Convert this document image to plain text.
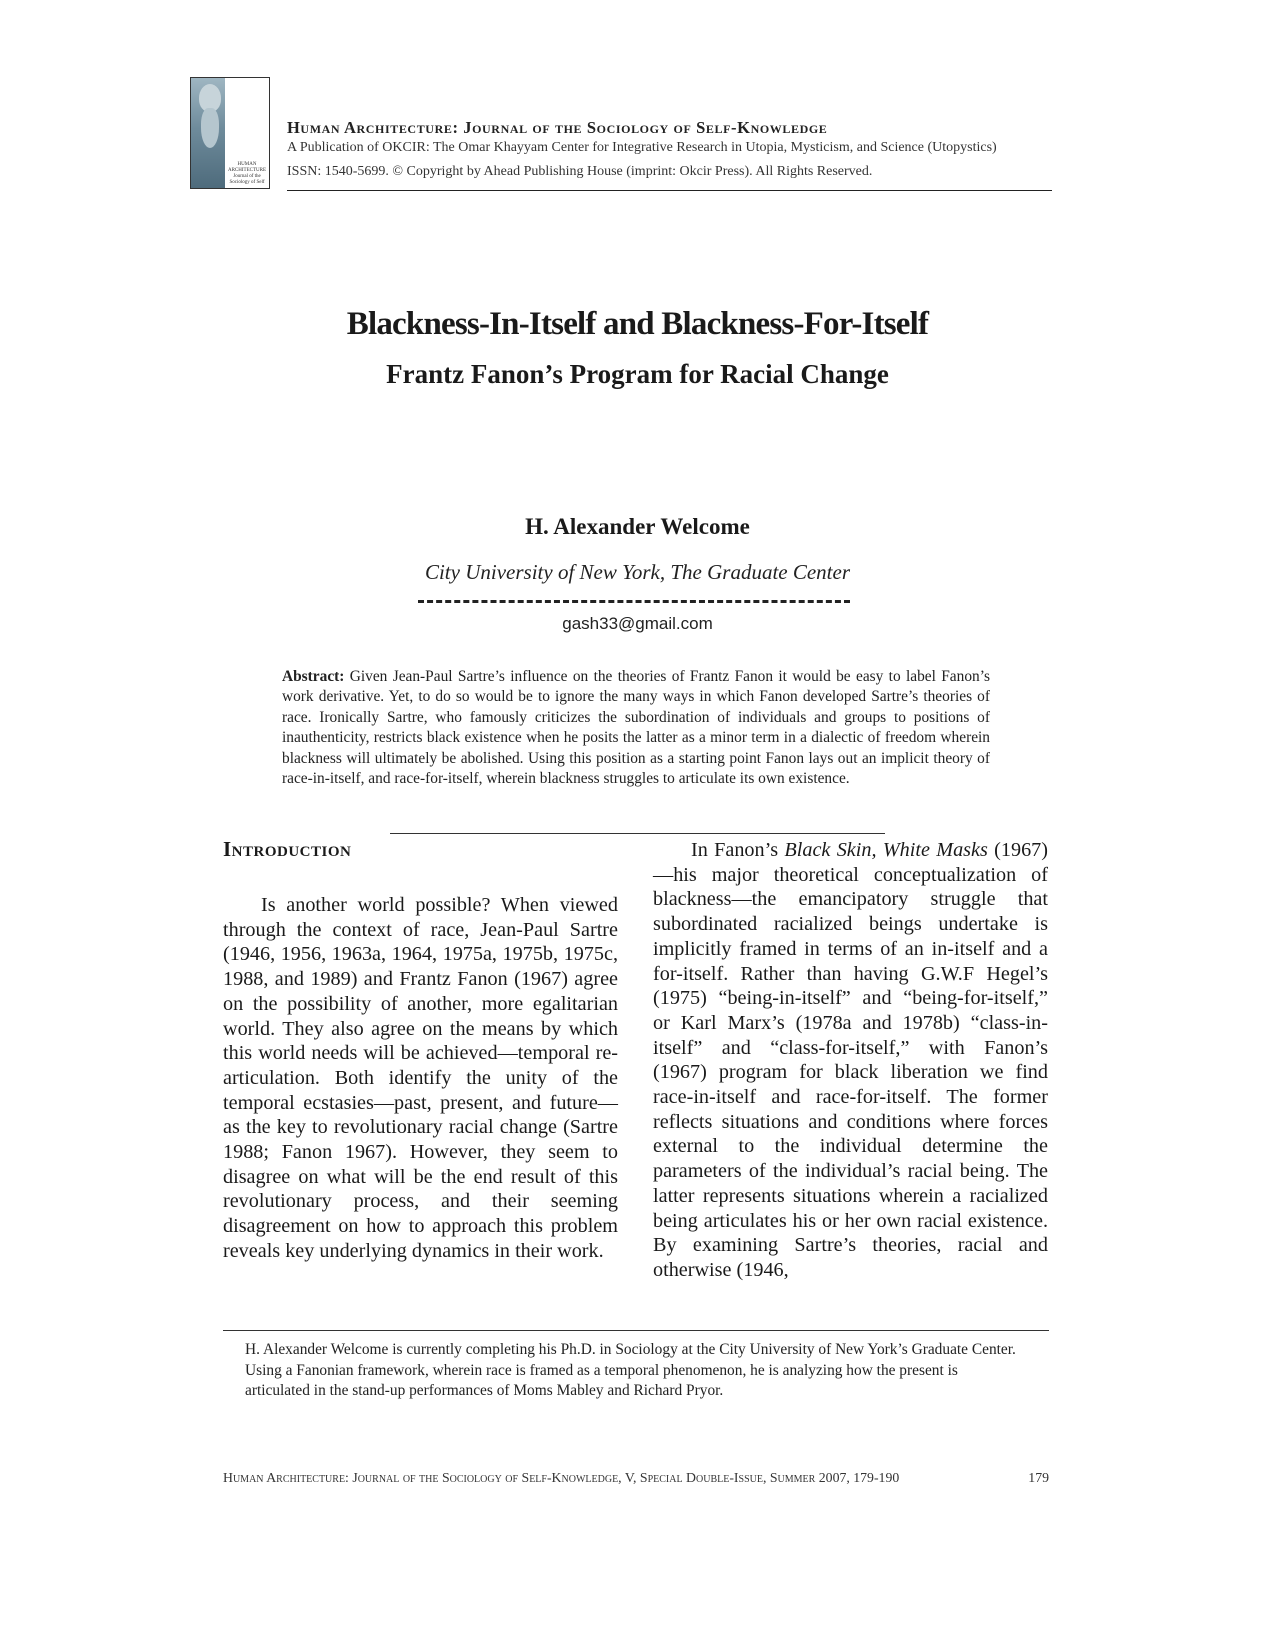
HUMAN ARCHITECTURE Journal of the Sociology of Self
Human Architecture: Journal of the Sociology of Self-Knowledge
A Publication of OKCIR: The Omar Khayyam Center for Integrative Research in Utopia, Mysticism, and Science (Utopystics)
ISSN: 1540-5699. © Copyright by Ahead Publishing House (imprint: Okcir Press). All Rights Reserved.
Blackness-In-Itself and Blackness-For-Itself
Frantz Fanon’s Program for Racial Change
H. Alexander Welcome
City University of New York, The Graduate Center
gash33@gmail.com
Abstract: Given Jean-Paul Sartre’s influence on the theories of Frantz Fanon it would be easy to label Fanon’s work derivative. Yet, to do so would be to ignore the many ways in which Fanon developed Sartre’s theories of race. Ironically Sartre, who famously criticizes the subordination of individuals and groups to positions of inauthenticity, restricts black existence when he posits the latter as a minor term in a dialectic of freedom wherein blackness will ultimately be abolished. Using this position as a starting point Fanon lays out an implicit theory of race-in-itself, and race-for-itself, wherein blackness struggles to articulate its own existence.
Introduction

Is another world possible? When viewed through the context of race, Jean-Paul Sartre (1946, 1956, 1963a, 1964, 1975a, 1975b, 1975c, 1988, and 1989) and Frantz Fanon (1967) agree on the possibility of another, more egalitarian world. They also agree on the means by which this world needs will be achieved—temporal re-articulation. Both identify the unity of the temporal ecstasies—past, present, and future—as the key to revolutionary racial change (Sartre 1988; Fanon 1967). However, they seem to disagree on what will be the end result of this revolutionary process, and their seeming disagreement on how to approach this problem reveals key underlying dynamics in their work.

In Fanon’s Black Skin, White Masks (1967)—his major theoretical conceptualization of blackness—the emancipatory struggle that subordinated racialized beings undertake is implicitly framed in terms of an in-itself and a for-itself. Rather than having G.W.F Hegel’s (1975) “being-in-itself” and “being-for-itself,” or Karl Marx’s (1978a and 1978b) “class-in-itself” and “class-for-itself,” with Fanon’s (1967) program for black liberation we find race-in-itself and race-for-itself. The former reflects situations and conditions where forces external to the individual determine the parameters of the individual’s racial being. The latter represents situations wherein a racialized being articulates his or her own racial existence. By examining Sartre’s theories, racial and otherwise (1946,

H. Alexander Welcome is currently completing his Ph.D. in Sociology at the City University of New York’s Graduate Center. Using a Fanonian framework, wherein race is framed as a temporal phenomenon, he is analyzing how the present is articulated in the stand-up performances of Moms Mabley and Richard Pryor.
Human Architecture: Journal of the Sociology of Self-Knowledge, V, Special Double-Issue, Summer 2007, 179-190	179
